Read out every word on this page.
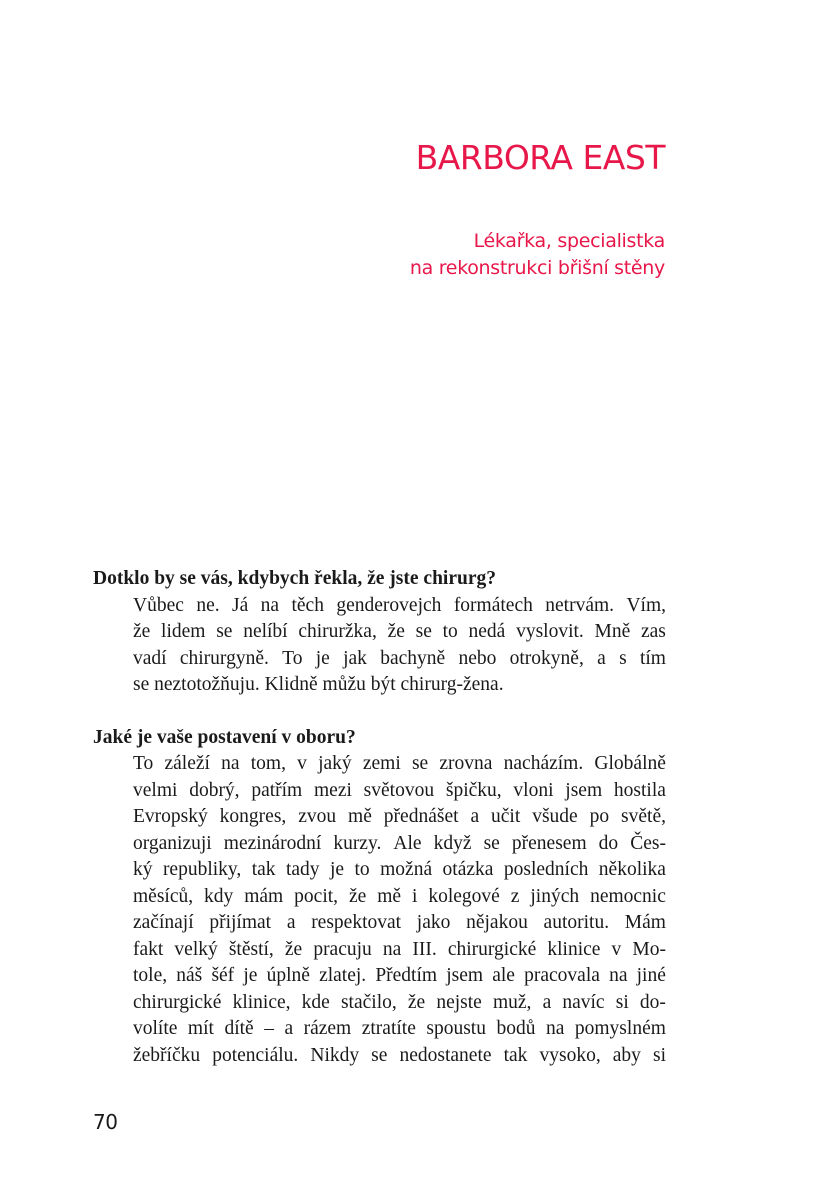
BARBORA EAST
Lékařka, specialistka
na rekonstrukci břišní stěny

Dotklo by se vás, kdybych řekla, že jste chirurg?

Vůbec ne. Já na těch genderovejch formátech netrvám. Vím,
že lidem se nelíbí chiruržka, že se to nedá vyslovit. Mně zas
vadí chirurgyně. To je jak bachyně nebo otrokyně, a s tím
se neztotožňuju. Klidně můžu být chirurg-žena.

Jaké je vaše postavení v oboru?

To záleží na tom, v jaký zemi se zrovna nacházím. Globálně
velmi dobrý, patřím mezi světovou špičku, vloni jsem hostila
Evropský kongres, zvou mě přednášet a učit všude po světě,
organizuji mezinárodní kurzy. Ale když se přenesem do Čes-
ký republiky, tak tady je to možná otázka posledních několika
měsíců, kdy mám pocit, že mě i kolegové z jiných nemocnic
začínají přijímat a respektovat jako nějakou autoritu. Mám
fakt velký štěstí, že pracuju na III. chirurgické klinice v Mo-
tole, náš šéf je úplně zlatej. Předtím jsem ale pracovala na jiné
chirurgické klinice, kde stačilo, že nejste muž, a navíc si do-
volíte mít dítě – a rázem ztratíte spoustu bodů na pomyslném
žebříčku potenciálu. Nikdy se nedostanete tak vysoko, aby si
70
